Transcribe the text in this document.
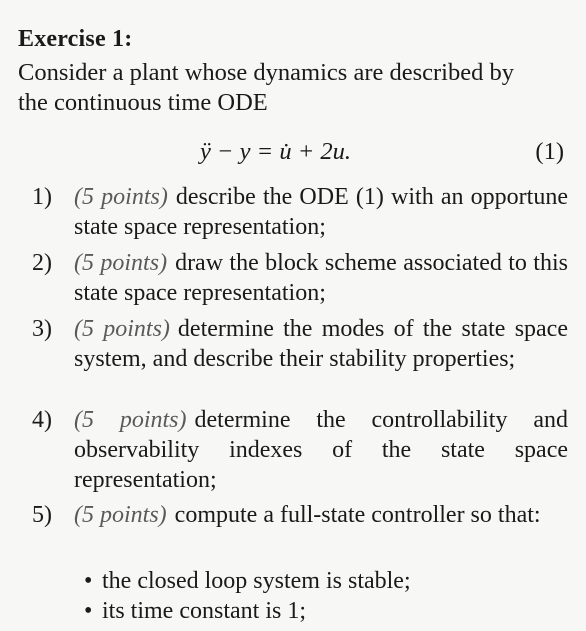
Exercise 1:
Consider a plant whose dynamics are described by
the continuous time ODE
ÿ − y = u̇ + 2u.	(1)
1) (5 points) describe the ODE (1) with an opportune state space representation;
2) (5 points) draw the block scheme associated to this state space representation;
3) (5 points) determine the modes of the state space system, and describe their stability properties;
4) (5 points) determine the controllability and observability indexes of the state space representation;
5) (5 points) compute a full-state controller so that:
• the closed loop system is stable;
• its time constant is 1;
